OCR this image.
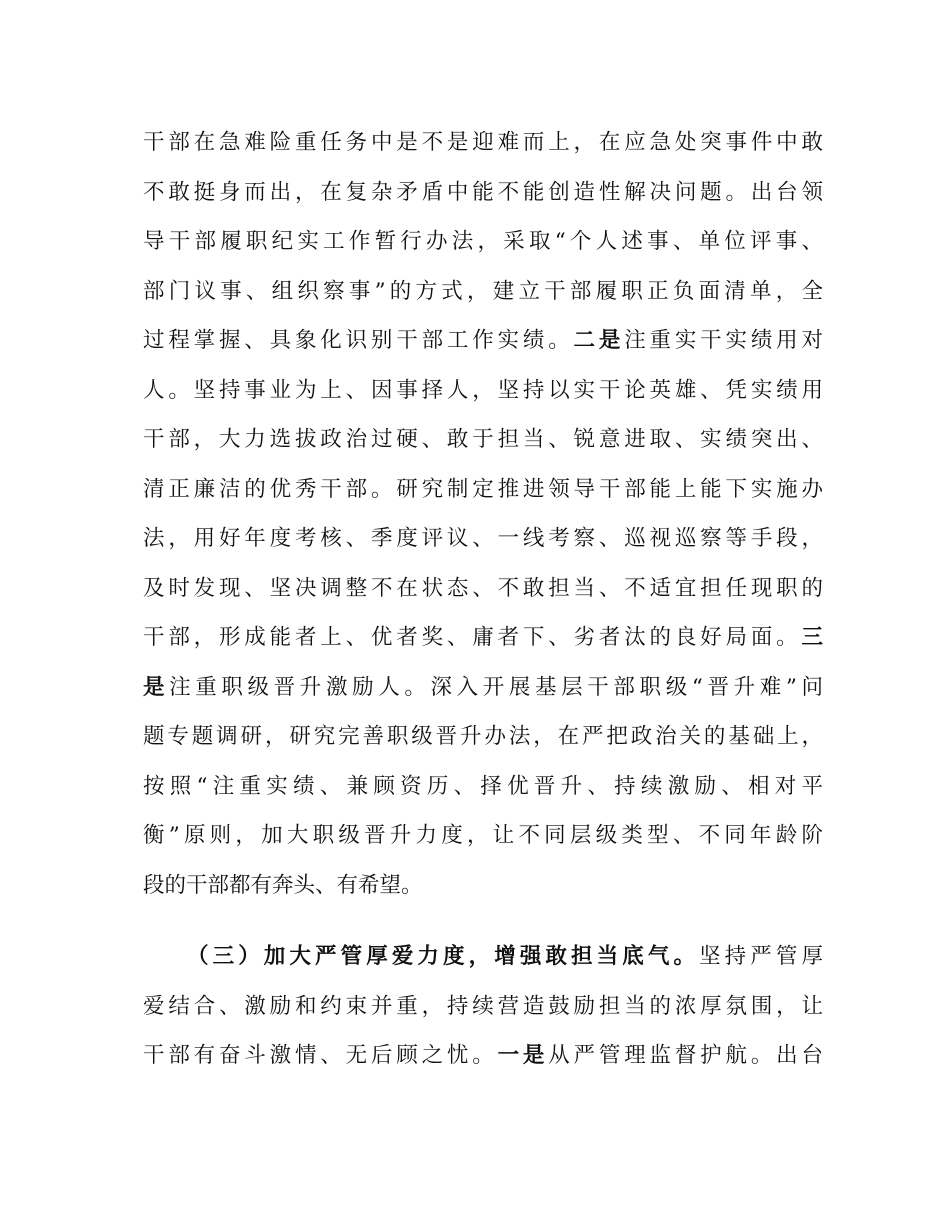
干部在急难险重任务中是不是迎难而上，在应急处突事件中敢
不敢挺身而出，在复杂矛盾中能不能创造性解决问题。出台领
导干部履职纪实工作暂行办法，采取“个人述事、单位评事、
部门议事、组织察事”的方式，建立干部履职正负面清单，全
过程掌握、具象化识别干部工作实绩。二是注重实干实绩用对
人。坚持事业为上、因事择人，坚持以实干论英雄、凭实绩用
干部，大力选拔政治过硬、敢于担当、锐意进取、实绩突出、
清正廉洁的优秀干部。研究制定推进领导干部能上能下实施办
法，用好年度考核、季度评议、一线考察、巡视巡察等手段，
及时发现、坚决调整不在状态、不敢担当、不适宜担任现职的
干部，形成能者上、优者奖、庸者下、劣者汰的良好局面。三
是注重职级晋升激励人。深入开展基层干部职级“晋升难”问
题专题调研，研究完善职级晋升办法，在严把政治关的基础上，
按照“注重实绩、兼顾资历、择优晋升、持续激励、相对平
衡”原则，加大职级晋升力度，让不同层级类型、不同年龄阶
段的干部都有奔头、有希望。
（三）加大严管厚爱力度，增强敢担当底气。坚持严管厚
爱结合、激励和约束并重，持续营造鼓励担当的浓厚氛围，让
干部有奋斗激情、无后顾之忧。一是从严管理监督护航。出台
